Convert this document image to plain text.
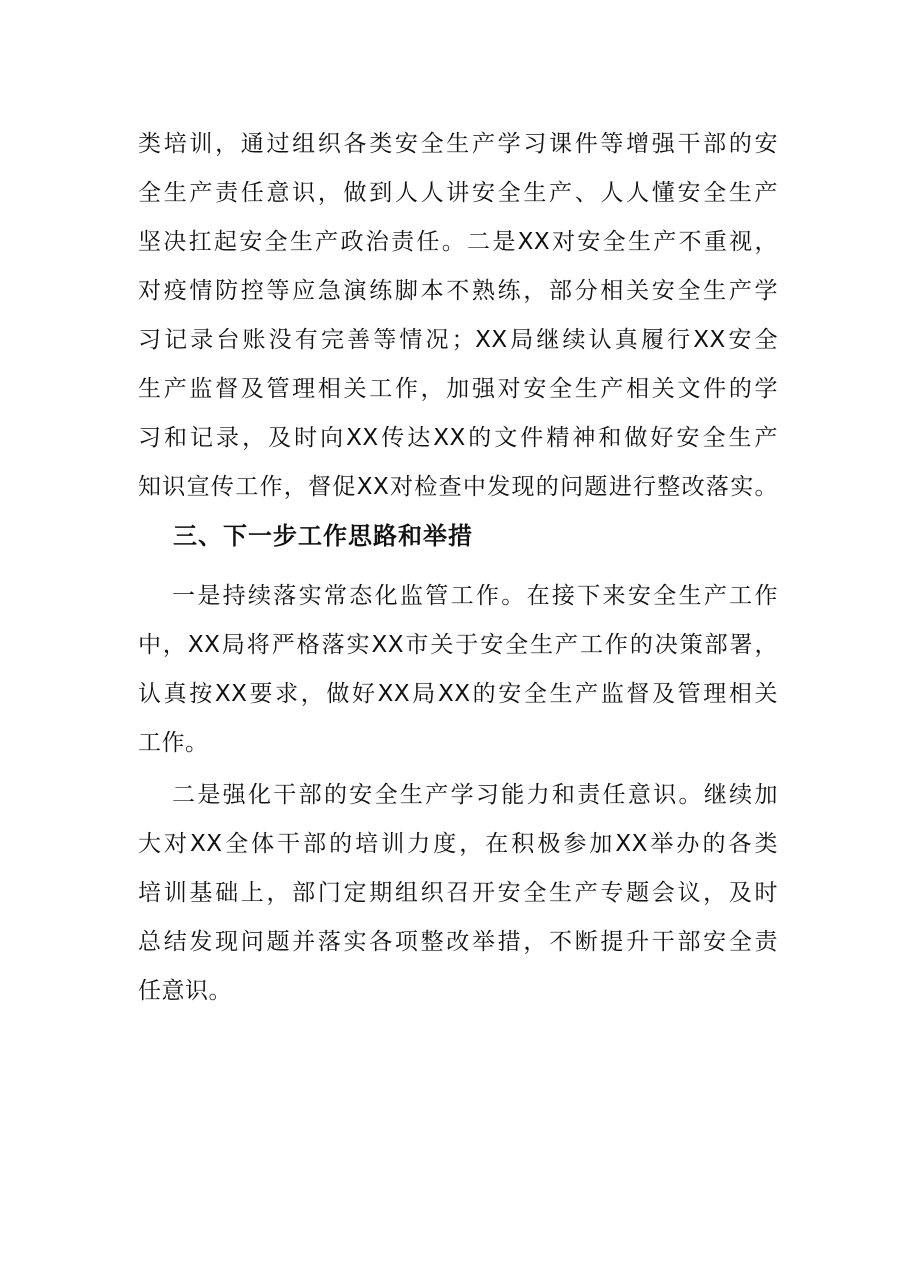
类培训，通过组织各类安全生产学习课件等增强干部的安
全生产责任意识，做到人人讲安全生产、人人懂安全生产
坚决扛起安全生产政治责任。二是XX对安全生产不重视，
对疫情防控等应急演练脚本不熟练，部分相关安全生产学
习记录台账没有完善等情况；XX局继续认真履行XX安全
生产监督及管理相关工作，加强对安全生产相关文件的学
习和记录，及时向XX传达XX的文件精神和做好安全生产
知识宣传工作，督促XX对检查中发现的问题进行整改落实。
三、下一步工作思路和举措
一是持续落实常态化监管工作。在接下来安全生产工作
中，XX局将严格落实XX市关于安全生产工作的决策部署，
认真按XX要求，做好XX局XX的安全生产监督及管理相关
工作。
二是强化干部的安全生产学习能力和责任意识。继续加
大对XX全体干部的培训力度，在积极参加XX举办的各类
培训基础上，部门定期组织召开安全生产专题会议，及时
总结发现问题并落实各项整改举措，不断提升干部安全责
任意识。
